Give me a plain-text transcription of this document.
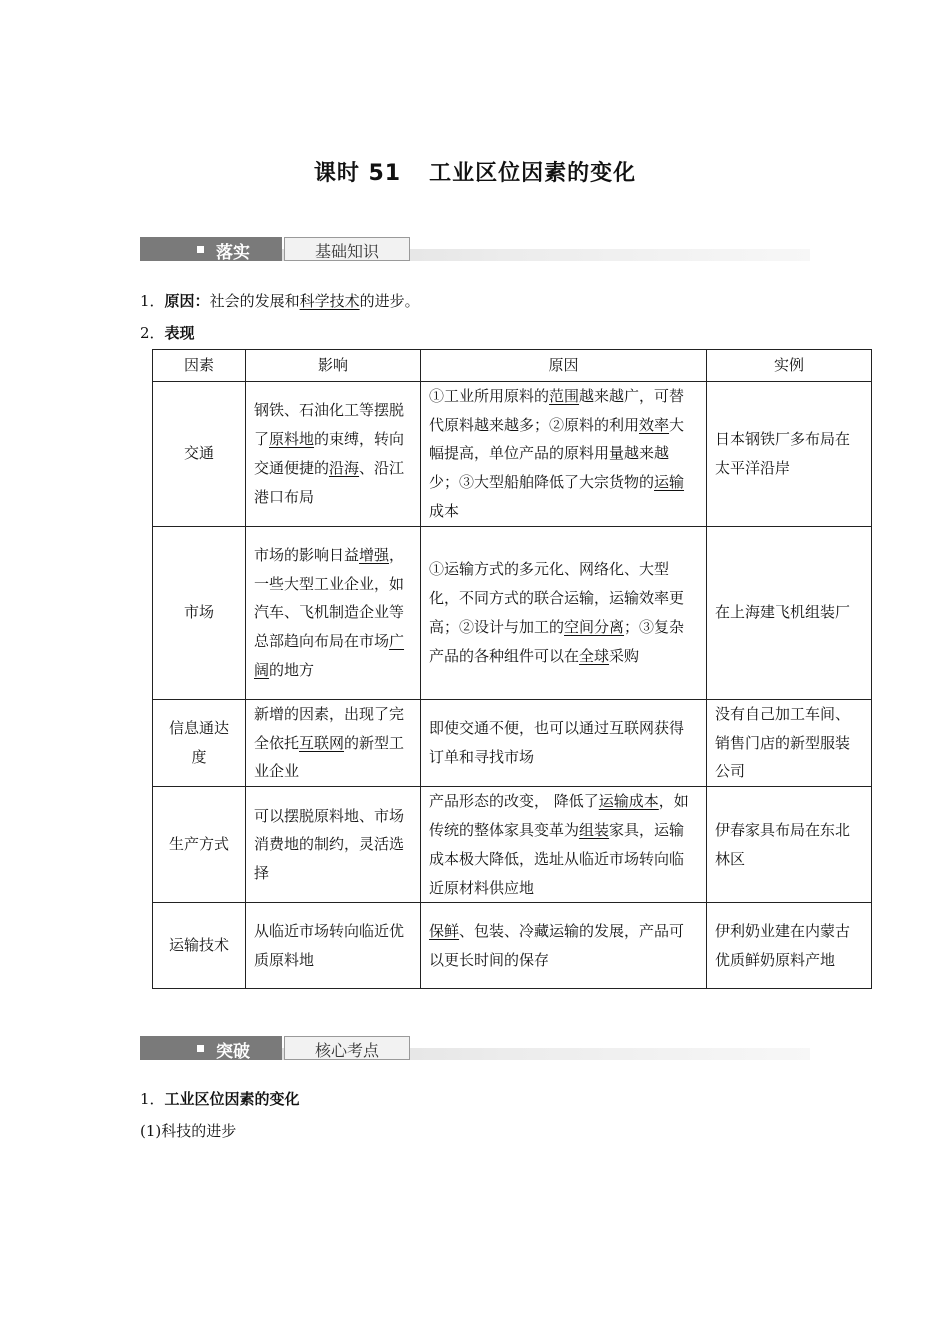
课时 51 工业区位因素的变化
落实	基础知识
1．原因：社会的发展和科学技术的进步。
2．表现
因素	影响	原因	实例
交通	钢铁、石油化工等摆脱了原料地的束缚，转向交通便捷的沿海、沿江港口布局	①工业所用原料的范围越来越广，可替代原料越来越多；②原料的利用效率大幅提高，单位产品的原料用量越来越少；③大型船舶降低了大宗货物的运输成本	日本钢铁厂多布局在太平洋沿岸
市场	市场的影响日益增强，一些大型工业企业，如汽车、飞机制造企业等总部趋向布局在市场广阔的地方	①运输方式的多元化、网络化、大型化，不同方式的联合运输，运输效率更高；②设计与加工的空间分离；③复杂产品的各种组件可以在全球采购	在上海建飞机组装厂
信息通达度	新增的因素，出现了完全依托互联网的新型工业企业	即使交通不便，也可以通过互联网获得订单和寻找市场	没有自己加工车间、销售门店的新型服装公司
生产方式	可以摆脱原料地、市场消费地的制约，灵活选择	产品形态的改变， 降低了运输成本，如传统的整体家具变革为组装家具，运输成本极大降低，选址从临近市场转向临近原材料供应地	伊春家具布局在东北林区
运输技术	从临近市场转向临近优质原料地	保鲜、包装、冷藏运输的发展，产品可以更长时间的保存	伊利奶业建在内蒙古优质鲜奶原料产地
突破	核心考点
1．工业区位因素的变化
(1)科技的进步
